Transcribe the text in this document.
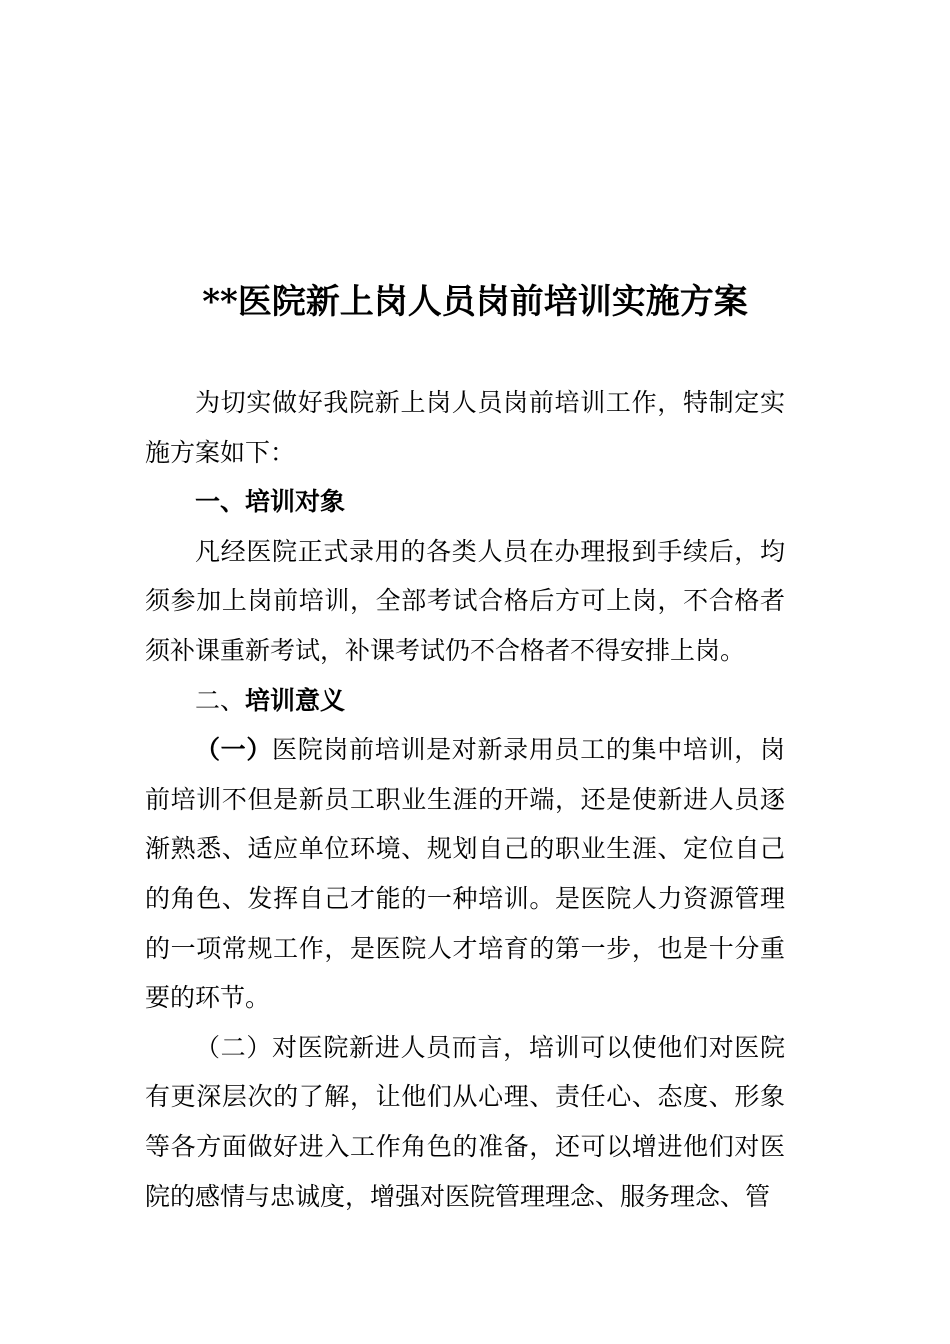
**医院新上岗人员岗前培训实施方案

为切实做好我院新上岗人员岗前培训工作，特制定实施方案如下：

一、培训对象

凡经医院正式录用的各类人员在办理报到手续后，均须参加上岗前培训，全部考试合格后方可上岗，不合格者须补课重新考试，补课考试仍不合格者不得安排上岗。

二、培训意义

（一）医院岗前培训是对新录用员工的集中培训，岗前培训不但是新员工职业生涯的开端，还是使新进人员逐渐熟悉、适应单位环境、规划自己的职业生涯、定位自己的角色、发挥自己才能的一种培训。是医院人力资源管理的一项常规工作，是医院人才培育的第一步，也是十分重要的环节。

（二）对医院新进人员而言，培训可以使他们对医院有更深层次的了解，让他们从心理、责任心、态度、形象等各方面做好进入工作角色的准备，还可以增进他们对医院的感情与忠诚度，增强对医院管理理念、服务理念、管
